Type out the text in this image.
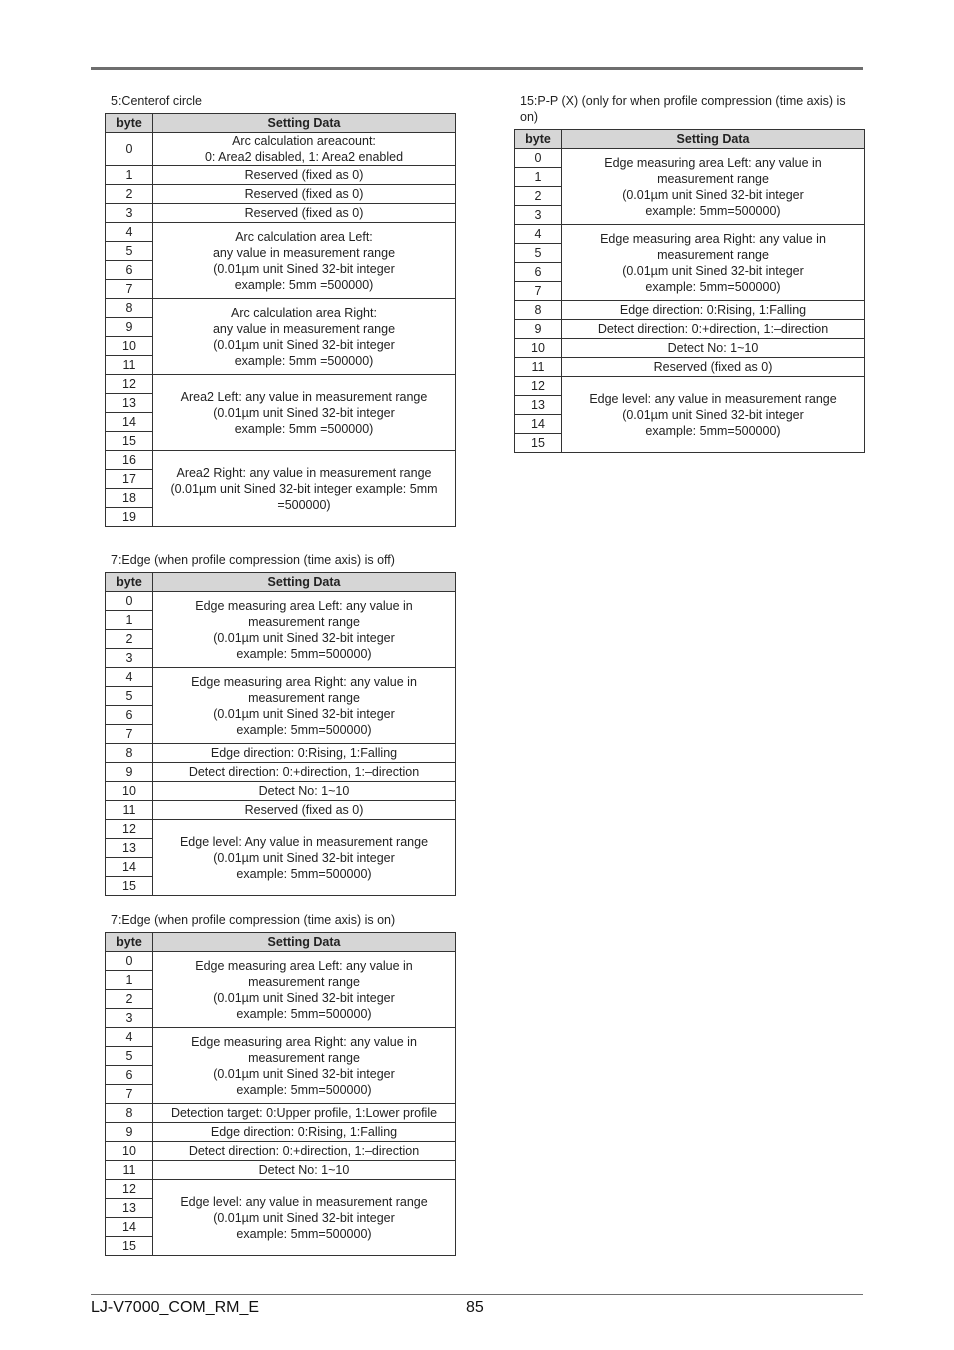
5:Centerof circle
byte	Setting Data
0	Arc calculation areacount:
0: Area2 disabled, 1: Area2 enabled

1	Reserved (fixed as 0)

2	Reserved (fixed as 0)

3	Reserved (fixed as 0)

4	Arc calculation area Left:
any value in measurement range
(0.01µm unit Sined 32-bit integer
example: 5mm =500000)

5	
6	
7	
8	Arc calculation area Right:
any value in measurement range
(0.01µm unit Sined 32-bit integer
example: 5mm =500000)

9	
10	
11	
12	Area2 Left: any value in measurement range
(0.01µm unit Sined 32-bit integer
example: 5mm =500000)

13	
14	
15	
16	Area2 Right: any value in measurement range
(0.01µm unit Sined 32-bit integer example: 5mm
=500000)

17	
18	
19	
7:Edge (when profile compression (time axis) is off)
byte	Setting Data
0	Edge measuring area Left: any value in
measurement range
(0.01µm unit Sined 32-bit integer
example: 5mm=500000)

1	
2	
3	
4	Edge measuring area Right: any value in
measurement range
(0.01µm unit Sined 32-bit integer
example: 5mm=500000)

5	
6	
7	
8	Edge direction: 0:Rising, 1:Falling

9	Detect direction: 0:+direction, 1:–direction

10	Detect No: 1~10

11	Reserved (fixed as 0)

12	Edge level: Any value in measurement range
(0.01µm unit Sined 32-bit integer
example: 5mm=500000)

13	
14	
15	
7:Edge (when profile compression (time axis) is on)
byte	Setting Data
0	Edge measuring area Left: any value in
measurement range
(0.01µm unit Sined 32-bit integer
example: 5mm=500000)

1	
2	
3	
4	Edge measuring area Right: any value in
measurement range
(0.01µm unit Sined 32-bit integer
example: 5mm=500000)

5	
6	
7	
8	Detection target: 0:Upper profile, 1:Lower profile

9	Edge direction: 0:Rising, 1:Falling

10	Detect direction: 0:+direction, 1:–direction

11	Detect No: 1~10

12	Edge level: any value in measurement range
(0.01µm unit Sined 32-bit integer
example: 5mm=500000)

13	
14	
15	
15:P-P (X) (only for when profile compression (time axis) is on)
byte	Setting Data
0	Edge measuring area Left: any value in
measurement range
(0.01µm unit Sined 32-bit integer
example: 5mm=500000)

1	
2	
3	
4	Edge measuring area Right: any value in
measurement range
(0.01µm unit Sined 32-bit integer
example: 5mm=500000)

5	
6	
7	
8	Edge direction: 0:Rising, 1:Falling

9	Detect direction: 0:+direction, 1:–direction

10	Detect No: 1~10

11	Reserved (fixed as 0)

12	Edge level: any value in measurement range
(0.01µm unit Sined 32-bit integer
example: 5mm=500000)

13	
14	
15	
LJ-V7000_COM_RM_E	85
